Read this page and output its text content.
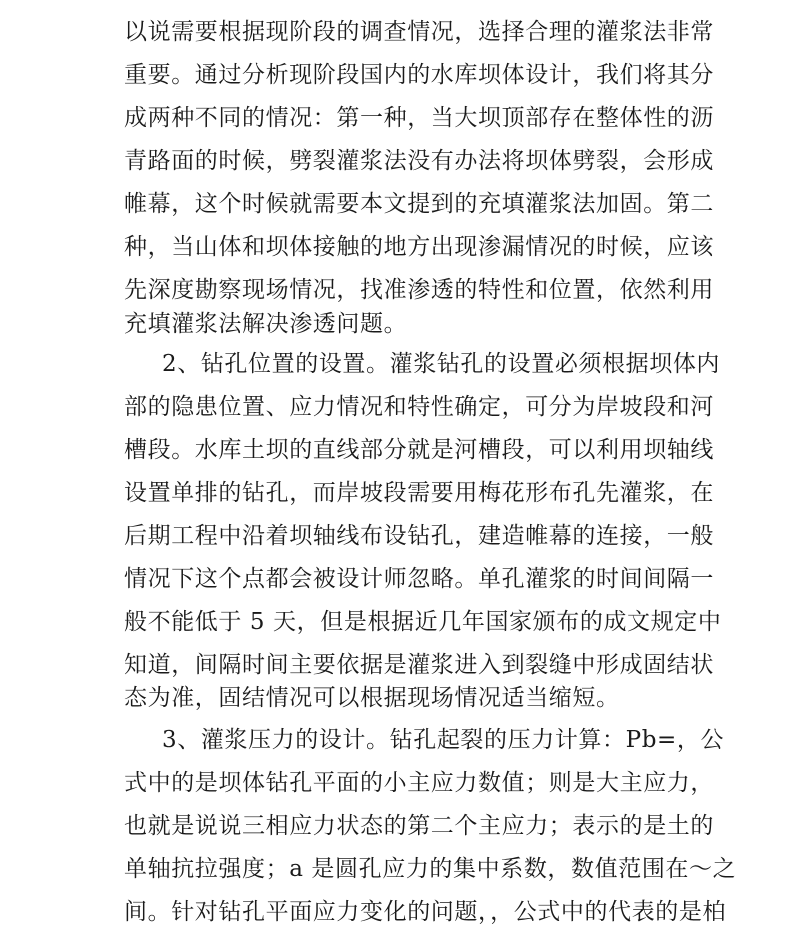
以说需要根据现阶段的调查情况，选择合理的灌浆法非常

重要。通过分析现阶段国内的水库坝体设计，我们将其分

成两种不同的情况：第一种，当大坝顶部存在整体性的沥

青路面的时候，劈裂灌浆法没有办法将坝体劈裂，会形成

帷幕，这个时候就需要本文提到的充填灌浆法加固。第二

种，当山体和坝体接触的地方出现渗漏情况的时候，应该

先深度勘察现场情况，找准渗透的特性和位置，依然利用

充填灌浆法解决渗透问题。

2、钻孔位置的设置。灌浆钻孔的设置必须根据坝体内

部的隐患位置、应力情况和特性确定，可分为岸坡段和河

槽段。水库土坝的直线部分就是河槽段，可以利用坝轴线

设置单排的钻孔，而岸坡段需要用梅花形布孔先灌浆，在

后期工程中沿着坝轴线布设钻孔，建造帷幕的连接，一般

情况下这个点都会被设计师忽略。单孔灌浆的时间间隔一

般不能低于 5 天，但是根据近几年国家颁布的成文规定中

知道，间隔时间主要依据是灌浆进入到裂缝中形成固结状

态为准，固结情况可以根据现场情况适当缩短。

3、灌浆压力的设计。钻孔起裂的压力计算：Pb=，公

式中的是坝体钻孔平面的小主应力数值；则是大主应力，

也就是说说三相应力状态的第二个主应力；表示的是土的

单轴抗拉强度；a 是圆孔应力的集中系数，数值范围在～之

间。针对钻孔平面应力变化的问题，，公式中的代表的是柏
